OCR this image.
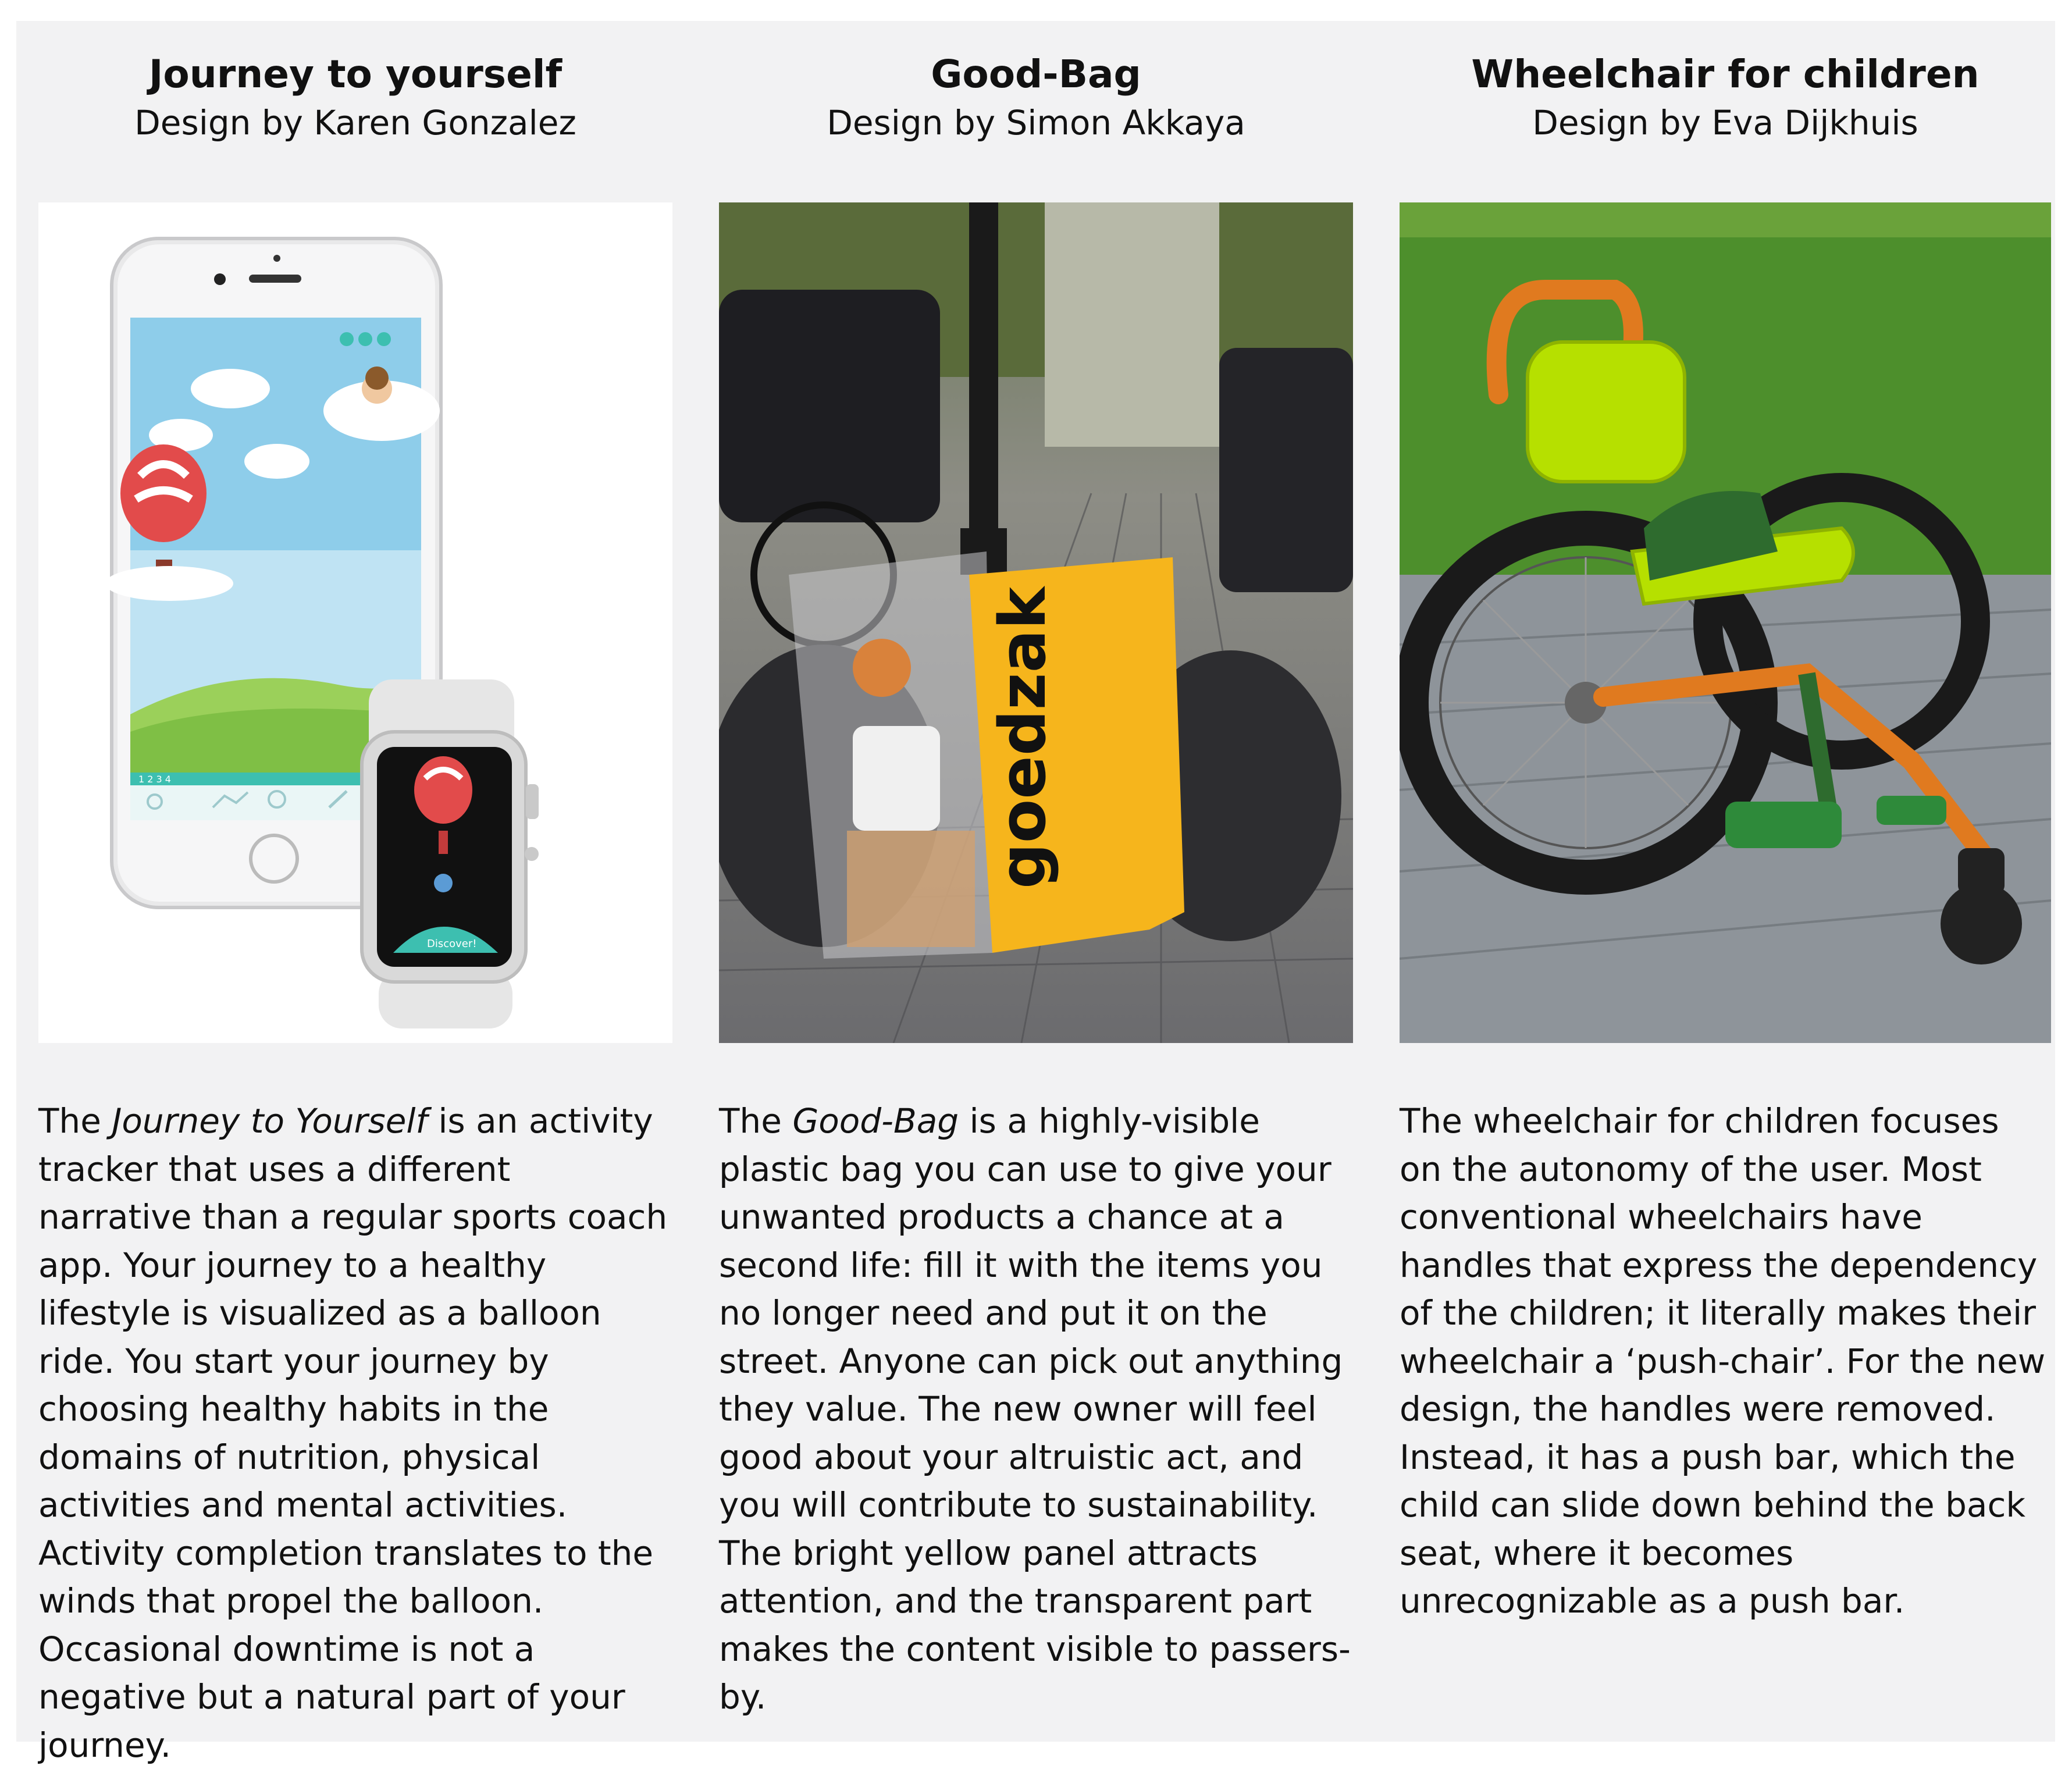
Journey to yourself
Design by Karen Gonzalez
1 2 3 4
Discover!
The Journey to Yourself is an activity tracker that uses a different narrative than a regular sports coach app. Your journey to a healthy lifestyle is visualized as a balloon ride. You start your journey by choosing healthy habits in the domains of nutrition, physical activities and mental activities. Activity completion translates to the winds that propel the balloon. Occasional downtime is not a negative but a natural part of your journey.
Good-Bag
Design by Simon Akkaya
goedzak
The Good-Bag is a highly-visible plastic bag you can use to give your unwanted products a chance at a second life: fill it with the items you no longer need and put it on the street. Anyone can pick out anything they value. The new owner will feel good about your altruistic act, and you will contribute to sustainability. The bright yellow panel attracts attention, and the transparent part makes the content visible to passers-by.
Wheelchair for children
Design by Eva Dijkhuis
The wheelchair for children focuses on the autonomy of the user. Most conventional wheelchairs have handles that express the dependency of the children; it literally makes their wheelchair a ‘push-chair’. For the new design, the handles were removed. Instead, it has a push bar, which the child can slide down behind the back seat, where it becomes unrecognizable as a push bar.
